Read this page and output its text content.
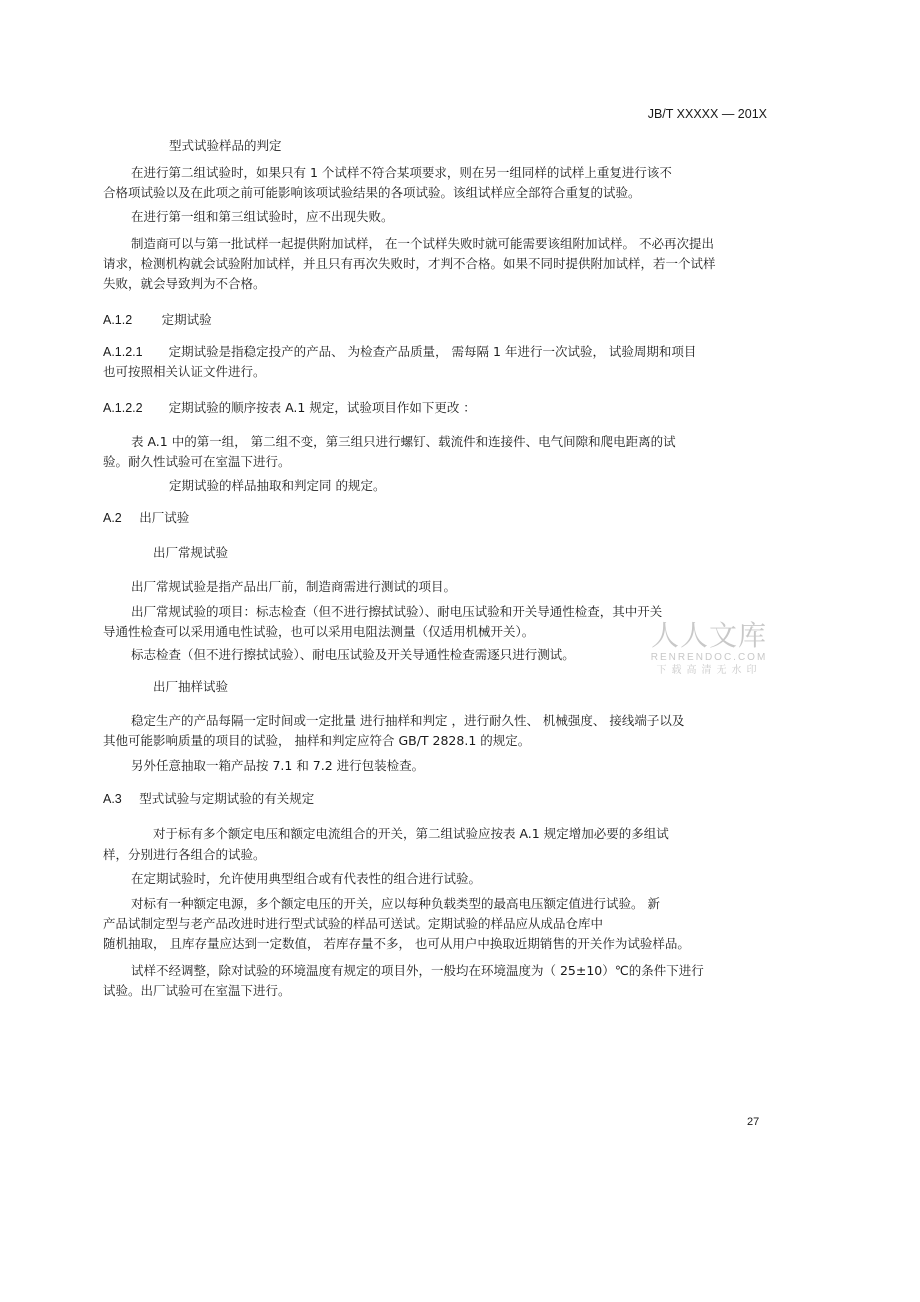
JB/T XXXXX — 201X
型式试验样品的判定
在进行第二组试验时，如果只有 1 个试样不符合某项要求，则在另一组同样的试样上重复进行该不
合格项试验以及在此项之前可能影响该项试验结果的各项试验。该组试样应全部符合重复的试验。
在进行第一组和第三组试验时，应不出现失败。
制造商可以与第一批试样一起提供附加试样， 在一个试样失败时就可能需要该组附加试样。 不必再次提出
请求，检测机构就会试验附加试样，并且只有再次失败时，才判不合格。如果不同时提供附加试样，若一个试样
失败，就会导致判为不合格。
A.1.2 定期试验
A.1.2.1 定期试验是指稳定投产的产品、 为检查产品质量， 需每隔 1 年进行一次试验， 试验周期和项目
也可按照相关认证文件进行。
A.1.2.2 定期试验的顺序按表 A.1 规定，试验项目作如下更改 ：
表 A.1 中的第一组， 第二组不变，第三组只进行螺钉、载流件和连接件、电气间隙和爬电距离的试
验。耐久性试验可在室温下进行。
定期试验的样品抽取和判定同 的规定。
A.2 出厂试验
出厂常规试验
出厂常规试验是指产品出厂前，制造商需进行测试的项目。
出厂常规试验的项目：标志检查（但不进行擦拭试验）、耐电压试验和开关导通性检查，其中开关
导通性检查可以采用通电性试验，也可以采用电阻法测量（仅适用机械开关）。
标志检查（但不进行擦拭试验）、耐电压试验及开关导通性检查需逐只进行测试。
出厂抽样试验
稳定生产的产品每隔一定时间或一定批量 进行抽样和判定 ，进行耐久性、 机械强度、 接线端子以及
其他可能影响质量的项目的试验， 抽样和判定应符合 GB/T 2828.1 的规定。
另外任意抽取一箱产品按 7.1 和 7.2 进行包装检查。
A.3 型式试验与定期试验的有关规定
对于标有多个额定电压和额定电流组合的开关，第二组试验应按表 A.1 规定增加必要的多组试
样，分别进行各组合的试验。
在定期试验时，允许使用典型组合或有代表性的组合进行试验。
对标有一种额定电源，多个额定电压的开关，应以每种负载类型的最高电压额定值进行试验。 新
产品试制定型与老产品改进时进行型式试验的样品可送试。定期试验的样品应从成品仓库中
随机抽取， 且库存量应达到一定数值， 若库存量不多， 也可从用户中换取近期销售的开关作为试验样品。
试样不经调整，除对试验的环境温度有规定的项目外，一般均在环境温度为（ 25±10）℃的条件下进行
试验。出厂试验可在室温下进行。
27
人人文库
RENRENDOC.COM
下载高清无水印
